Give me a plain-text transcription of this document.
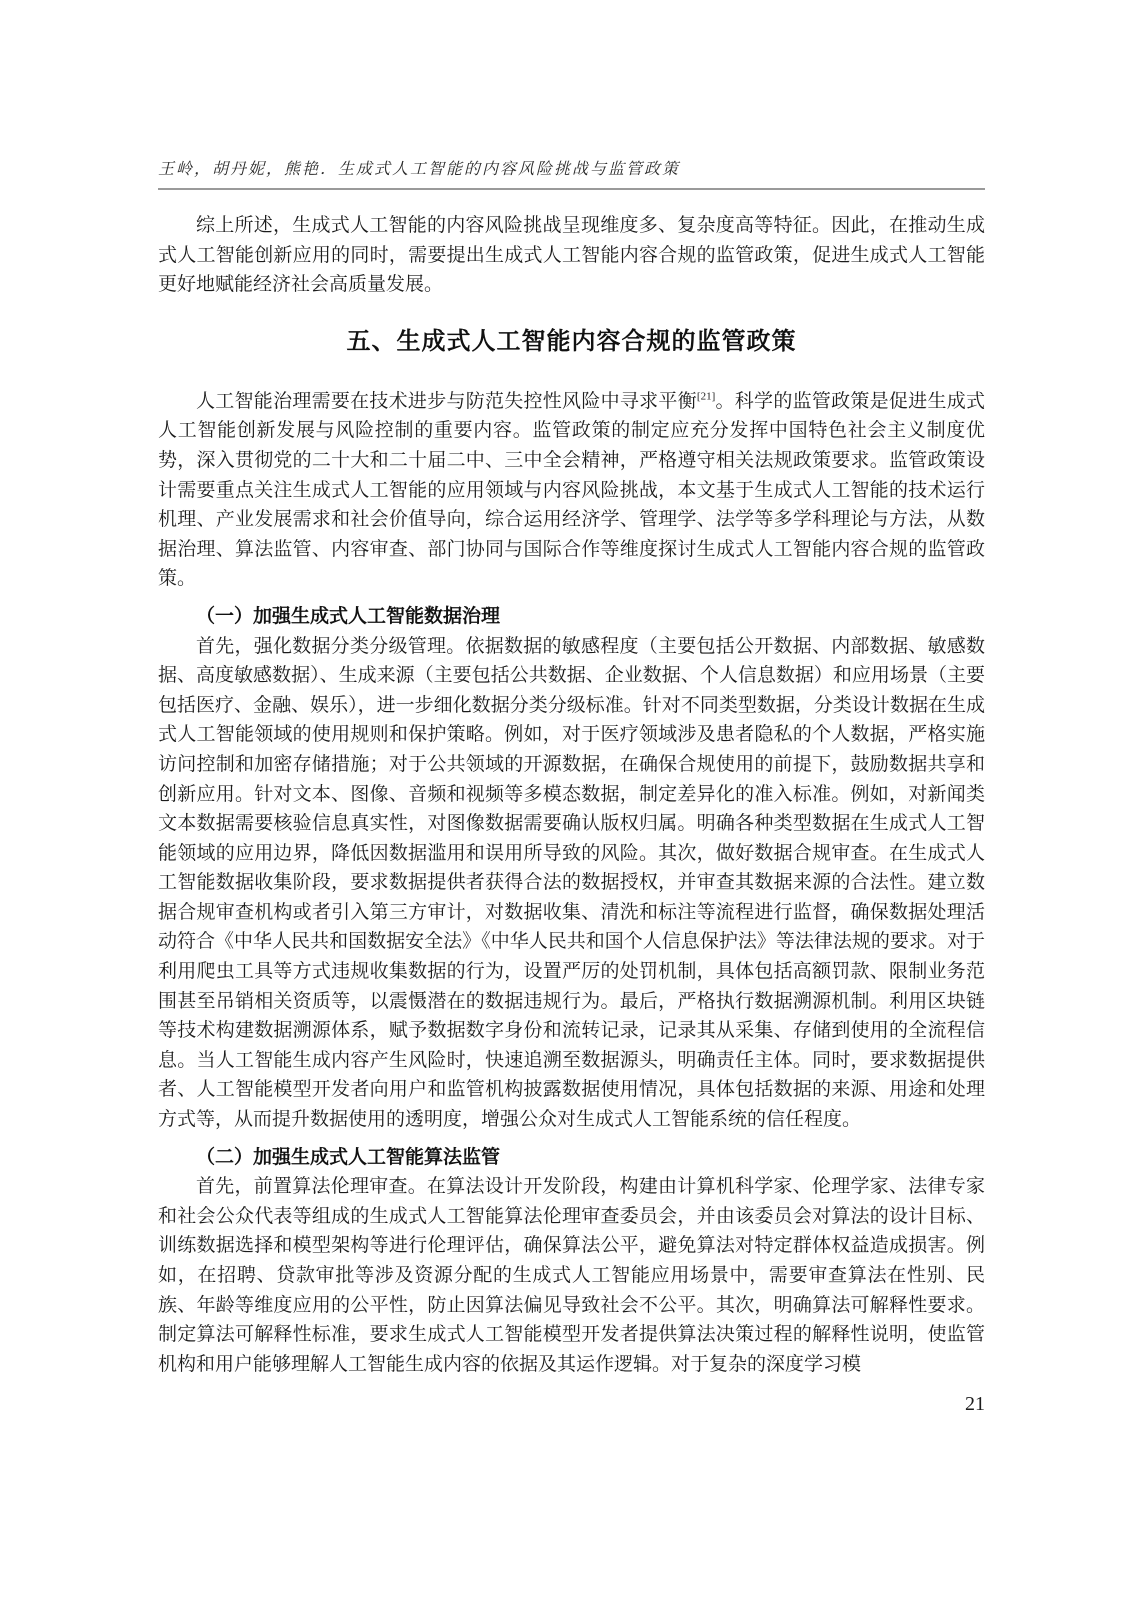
王岭，胡丹妮，熊艳．生成式人工智能的内容风险挑战与监管政策

综上所述，生成式人工智能的内容风险挑战呈现维度多、复杂度高等特征。因此，在推动生成式人工智能创新应用的同时，需要提出生成式人工智能内容合规的监管政策，促进生成式人工智能更好地赋能经济社会高质量发展。

五、生成式人工智能内容合规的监管政策

人工智能治理需要在技术进步与防范失控性风险中寻求平衡[21]。科学的监管政策是促进生成式人工智能创新发展与风险控制的重要内容。监管政策的制定应充分发挥中国特色社会主义制度优势，深入贯彻党的二十大和二十届二中、三中全会精神，严格遵守相关法规政策要求。监管政策设计需要重点关注生成式人工智能的应用领域与内容风险挑战，本文基于生成式人工智能的技术运行机理、产业发展需求和社会价值导向，综合运用经济学、管理学、法学等多学科理论与方法，从数据治理、算法监管、内容审查、部门协同与国际合作等维度探讨生成式人工智能内容合规的监管政策。

（一）加强生成式人工智能数据治理

首先，强化数据分类分级管理。依据数据的敏感程度（主要包括公开数据、内部数据、敏感数据、高度敏感数据）、生成来源（主要包括公共数据、企业数据、个人信息数据）和应用场景（主要包括医疗、金融、娱乐），进一步细化数据分类分级标准。针对不同类型数据，分类设计数据在生成式人工智能领域的使用规则和保护策略。例如，对于医疗领域涉及患者隐私的个人数据，严格实施访问控制和加密存储措施；对于公共领域的开源数据，在确保合规使用的前提下，鼓励数据共享和创新应用。针对文本、图像、音频和视频等多模态数据，制定差异化的准入标准。例如，对新闻类文本数据需要核验信息真实性，对图像数据需要确认版权归属。明确各种类型数据在生成式人工智能领域的应用边界，降低因数据滥用和误用所导致的风险。其次，做好数据合规审查。在生成式人工智能数据收集阶段，要求数据提供者获得合法的数据授权，并审查其数据来源的合法性。建立数据合规审查机构或者引入第三方审计，对数据收集、清洗和标注等流程进行监督，确保数据处理活动符合《中华人民共和国数据安全法》《中华人民共和国个人信息保护法》等法律法规的要求。对于利用爬虫工具等方式违规收集数据的行为，设置严厉的处罚机制，具体包括高额罚款、限制业务范围甚至吊销相关资质等，以震慑潜在的数据违规行为。最后，严格执行数据溯源机制。利用区块链等技术构建数据溯源体系，赋予数据数字身份和流转记录，记录其从采集、存储到使用的全流程信息。当人工智能生成内容产生风险时，快速追溯至数据源头，明确责任主体。同时，要求数据提供者、人工智能模型开发者向用户和监管机构披露数据使用情况，具体包括数据的来源、用途和处理方式等，从而提升数据使用的透明度，增强公众对生成式人工智能系统的信任程度。

（二）加强生成式人工智能算法监管

首先，前置算法伦理审查。在算法设计开发阶段，构建由计算机科学家、伦理学家、法律专家和社会公众代表等组成的生成式人工智能算法伦理审查委员会，并由该委员会对算法的设计目标、训练数据选择和模型架构等进行伦理评估，确保算法公平，避免算法对特定群体权益造成损害。例如，在招聘、贷款审批等涉及资源分配的生成式人工智能应用场景中，需要审查算法在性别、民族、年龄等维度应用的公平性，防止因算法偏见导致社会不公平。其次，明确算法可解释性要求。制定算法可解释性标准，要求生成式人工智能模型开发者提供算法决策过程的解释性说明，使监管机构和用户能够理解人工智能生成内容的依据及其运作逻辑。对于复杂的深度学习模

21
